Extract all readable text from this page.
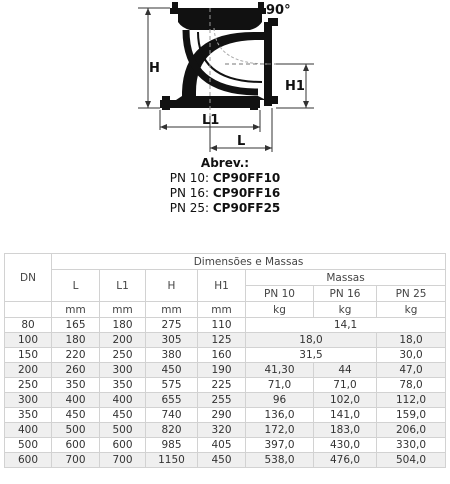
90°
H
H1
L1
L
Abrev.:
PN 10: CP90FF10
PN 16: CP90FF16
PN 25: CP90FF25
DN	Dimensões e Massas						
	L	L1	H	H1	Massas		
					PN 10	PN 16	PN 25
	mm	mm	mm	mm	kg	kg	kg
80	165	180	275	110	14,1		
100	180	200	305	125	18,0		18,0
150	220	250	380	160	31,5		30,0
200	260	300	450	190	41,30	44	47,0
250	350	350	575	225	71,0	71,0	78,0
300	400	400	655	255	96	102,0	112,0
350	450	450	740	290	136,0	141,0	159,0
400	500	500	820	320	172,0	183,0	206,0
500	600	600	985	405	397,0	430,0	330,0
600	700	700	1150	450	538,0	476,0	504,0
